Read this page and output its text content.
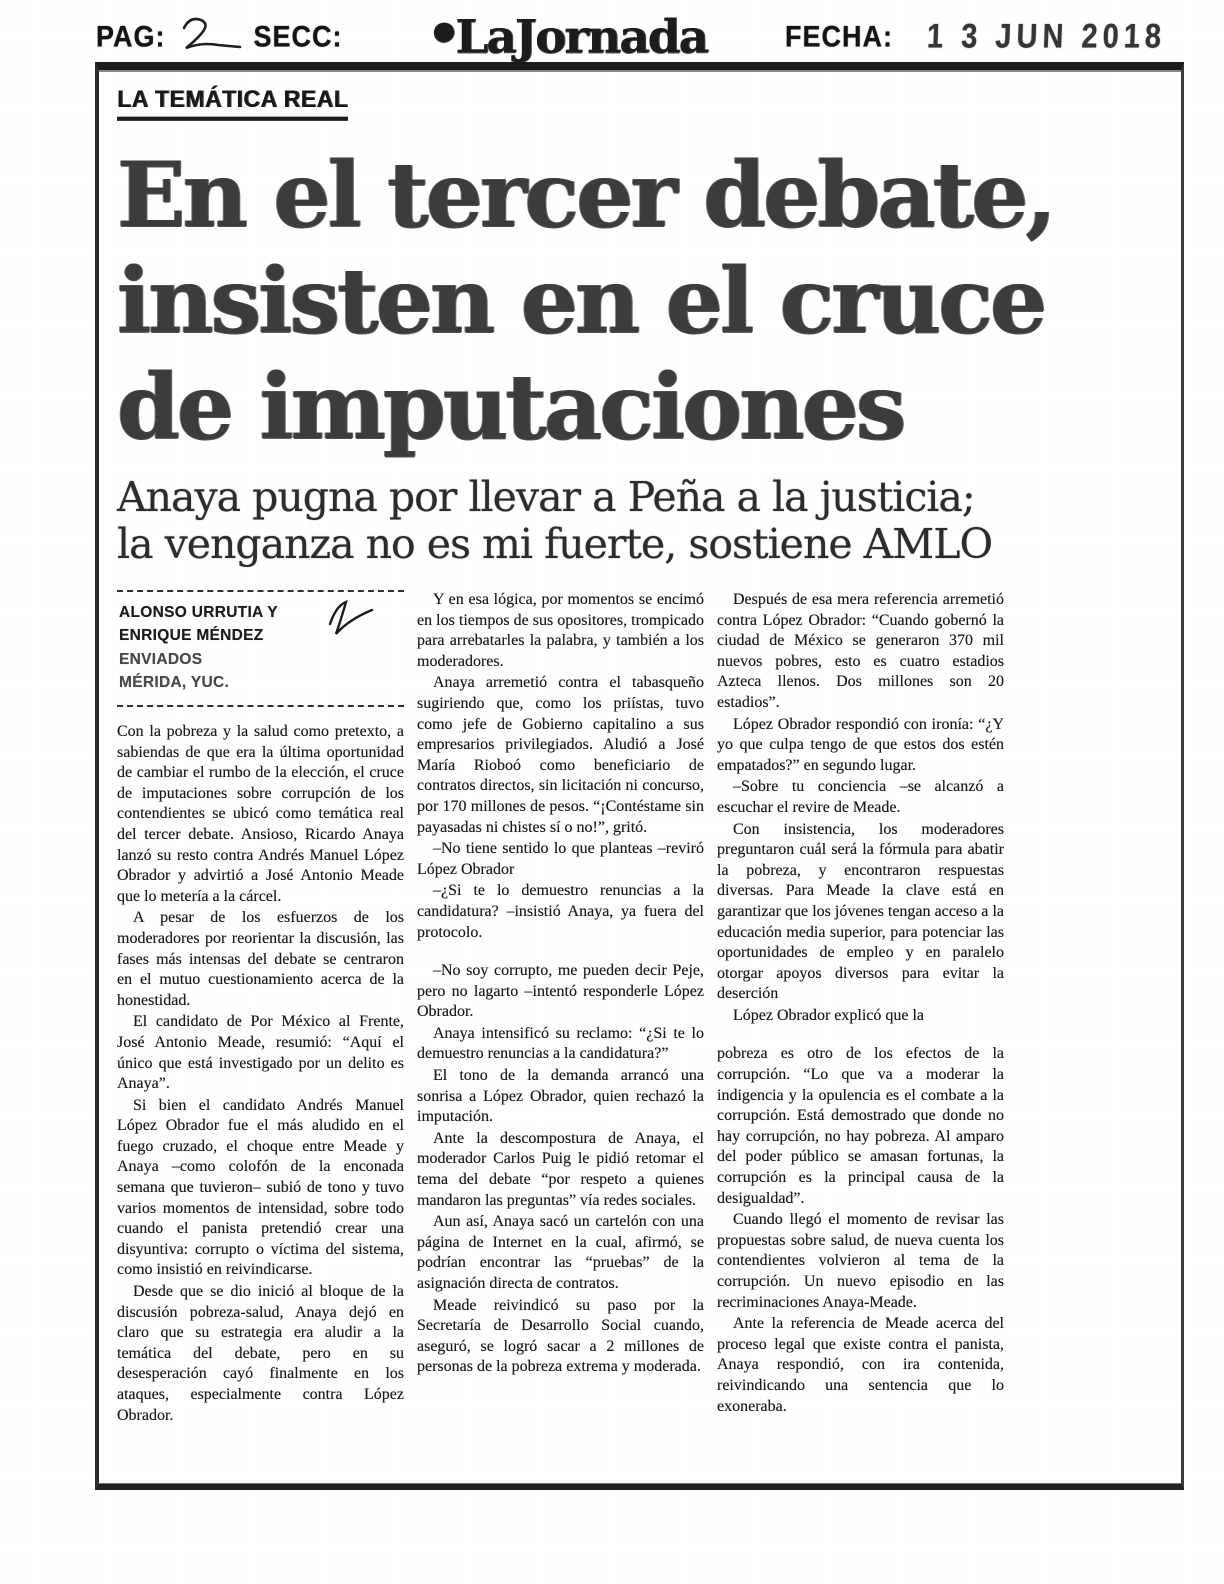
PAG:	SECC:	●LaJornada	FECHA: 1 3 JUN 2018
LA TEMÁTICA REAL
En el tercer debate,
insisten en el cruce
de imputaciones
Anaya pugna por llevar a Peña a la justicia;
la venganza no es mi fuerte, sostiene AMLO
ALONSO URRUTIA Y
ENRIQUE MÉNDEZ
ENVIADOS
MÉRIDA, YUC.

Con la pobreza y la salud como pretexto, a sabiendas de que era la última oportunidad de cambiar el rumbo de la elección, el cruce de imputaciones sobre corrupción de los contendientes se ubicó como temática real del tercer debate. Ansioso, Ricardo Anaya lanzó su resto contra Andrés Manuel López Obrador y advirtió a José Antonio Meade que lo metería a la cárcel.

A pesar de los esfuerzos de los moderadores por reorientar la discusión, las fases más intensas del debate se centraron en el mutuo cuestionamiento acerca de la honestidad.

El candidato de Por México al Frente, José Antonio Meade, resumió: “Aquí el único que está investigado por un delito es Anaya”.

Si bien el candidato Andrés Manuel López Obrador fue el más aludido en el fuego cruzado, el choque entre Meade y Anaya –como colofón de la enconada semana que tuvieron– subió de tono y tuvo varios momentos de intensidad, sobre todo cuando el panista pretendió crear una disyuntiva: corrupto o víctima del sistema, como insistió en reivindicarse.

Desde que se dio inició al bloque de la discusión pobreza-salud, Anaya dejó en claro que su estrategia era aludir a la temática del debate, pero en su desesperación cayó finalmente en los ataques, especialmente contra López Obrador.

Y en esa lógica, por momentos se encimó en los tiempos de sus opositores, trompicado para arrebatarles la palabra, y también a los moderadores.

Anaya arremetió contra el tabasqueño sugiriendo que, como los priístas, tuvo como jefe de Gobierno capitalino a sus empresarios privilegiados. Aludió a José María Rioboó como beneficiario de contratos directos, sin licitación ni concurso, por 170 millones de pesos. “¡Contéstame sin payasadas ni chistes sí o no!”, gritó.

–No tiene sentido lo que planteas –reviró López Obrador

–¿Si te lo demuestro renuncias a la candidatura? –insistió Anaya, ya fuera del protocolo.

–No soy corrupto, me pueden decir Peje, pero no lagarto –intentó responderle López Obrador.

Anaya intensificó su reclamo: “¿Si te lo demuestro renuncias a la candidatura?”

El tono de la demanda arrancó una sonrisa a López Obrador, quien rechazó la imputación.

Ante la descompostura de Anaya, el moderador Carlos Puig le pidió retomar el tema del debate “por respeto a quienes mandaron las preguntas” vía redes sociales.

Aun así, Anaya sacó un cartelón con una página de Internet en la cual, afirmó, se podrían encontrar las “pruebas” de la asignación directa de contratos.

Meade reivindicó su paso por la Secretaría de Desarrollo Social cuando, aseguró, se logró sacar a 2 millones de personas de la pobreza extrema y moderada.

Después de esa mera referencia arremetió contra López Obrador: “Cuando gobernó la ciudad de México se generaron 370 mil nuevos pobres, esto es cuatro estadios Azteca llenos. Dos millones son 20 estadios”.

López Obrador respondió con ironía: “¿Y yo que culpa tengo de que estos dos estén empatados?” en segundo lugar.

–Sobre tu conciencia –se alcanzó a escuchar el revire de Meade.

Con insistencia, los moderadores preguntaron cuál será la fórmula para abatir la pobreza, y encontraron respuestas diversas. Para Meade la clave está en garantizar que los jóvenes tengan acceso a la educación media superior, para potenciar las oportunidades de empleo y en paralelo otorgar apoyos diversos para evitar la deserción

López Obrador explicó que la

pobreza es otro de los efectos de la corrupción. “Lo que va a moderar la indigencia y la opulencia es el combate a la corrupción. Está demostrado que donde no hay corrupción, no hay pobreza. Al amparo del poder público se amasan fortunas, la corrupción es la principal causa de la desigualdad”.

Cuando llegó el momento de revisar las propuestas sobre salud, de nueva cuenta los contendientes volvieron al tema de la corrupción. Un nuevo episodio en las recriminaciones Anaya-Meade.

Ante la referencia de Meade acerca del proceso legal que existe contra el panista, Anaya respondió, con ira contenida, reivindicando una sentencia que lo exoneraba.
